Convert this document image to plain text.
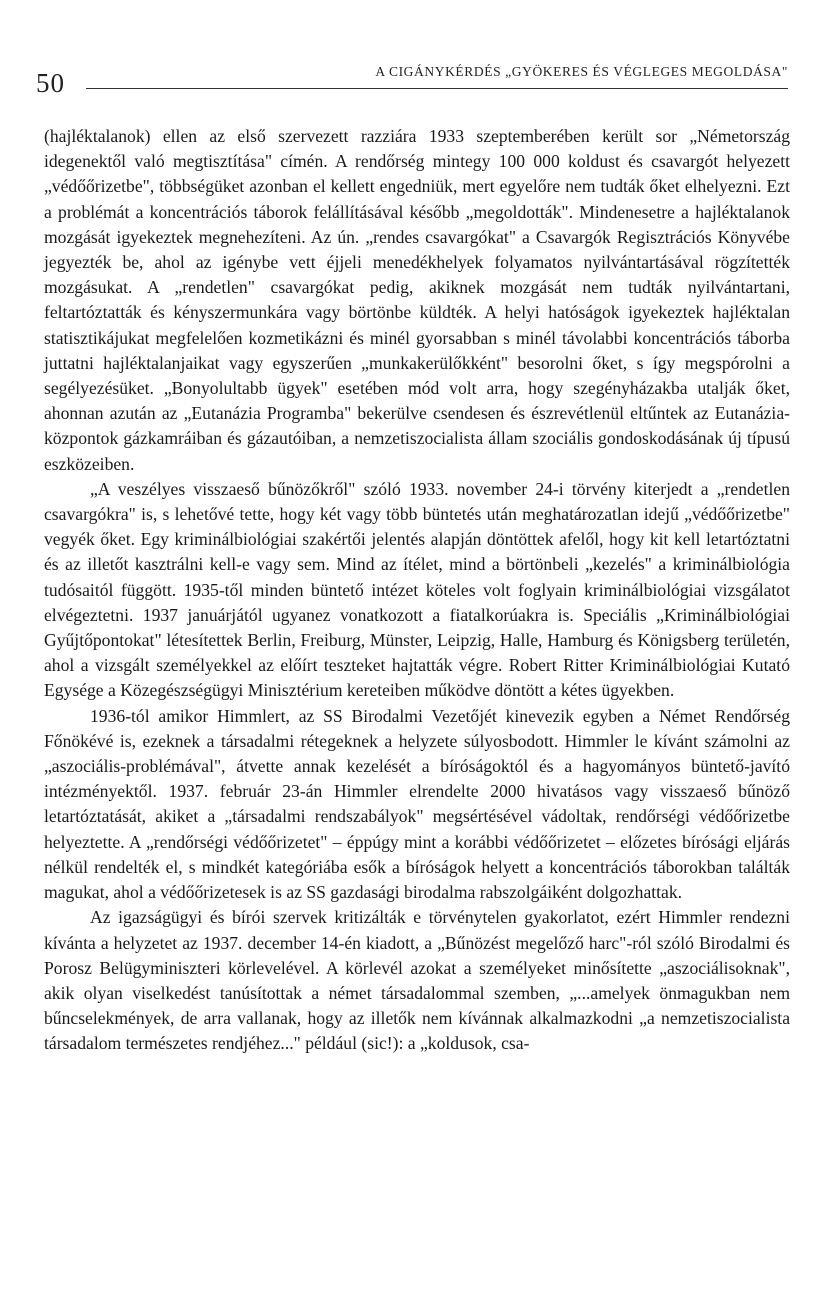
50	A CIGÁNYKÉRDÉS „GYÖKERES ÉS VÉGLEGES MEGOLDÁSA"

(hajléktalanok) ellen az első szervezett razziára 1933 szeptemberében került sor „Németország idegenektől való megtisztítása" címén. A rendőrség mintegy 100 000 koldust és csavargót helyezett „védőőrizetbe", többségüket azonban el kellett engedniük, mert egyelőre nem tudták őket elhelyezni. Ezt a problémát a koncentrációs táborok felállításával később „megoldották". Mindenesetre a hajléktalanok mozgását igyekeztek megnehezíteni. Az ún. „rendes csavargókat" a Csavargók Regisztrációs Könyvébe jegyezték be, ahol az igénybe vett éjjeli menedékhelyek folyamatos nyilvántartásával rögzítették mozgásukat. A „rendetlen" csavargókat pedig, akiknek mozgását nem tudták nyilvántartani, feltartóztatták és kényszermunkára vagy börtönbe küldték. A helyi hatóságok igyekeztek hajléktalan statisztikájukat megfelelően kozmetikázni és minél gyorsabban s minél távolabbi koncentrációs táborba juttatni hajléktalanjaikat vagy egyszerűen „munkakerülőkként" besorolni őket, s így megspórolni a segélyezésüket. „Bonyolultabb ügyek" esetében mód volt arra, hogy szegényházakba utalják őket, ahonnan azután az „Eutanázia Programba" bekerülve csendesen és észrevétlenül eltűntek az Eutanázia-központok gázkamráiban és gázautóiban, a nemzetiszocialista állam szociális gondoskodásának új típusú eszközeiben.

„A veszélyes visszaeső bűnözőkről" szóló 1933. november 24-i törvény kiterjedt a „rendetlen csavargókra" is, s lehetővé tette, hogy két vagy több büntetés után meghatározatlan idejű „védőőrizetbe" vegyék őket. Egy kriminálbiológiai szakértői jelentés alapján döntöttek afelől, hogy kit kell letartóztatni és az illetőt kasztrálni kell-e vagy sem. Mind az ítélet, mind a börtönbeli „kezelés" a kriminálbiológia tudósaitól függött. 1935-től minden büntető intézet köteles volt foglyain kriminálbiológiai vizsgálatot elvégeztetni. 1937 januárjától ugyanez vonatkozott a fiatalkorúakra is. Speciális „Kriminálbiológiai Gyűjtőpontokat" létesítettek Berlin, Freiburg, Münster, Leipzig, Halle, Hamburg és Königsberg területén, ahol a vizsgált személyekkel az előírt teszteket hajtatták végre. Robert Ritter Kriminálbiológiai Kutató Egysége a Közegészségügyi Minisztérium kereteiben működve döntött a kétes ügyekben.

1936-tól amikor Himmlert, az SS Birodalmi Vezetőjét kinevezik egyben a Német Rendőrség Főnökévé is, ezeknek a társadalmi rétegeknek a helyzete súlyosbodott. Himmler le kívánt számolni az „aszociális-problémával", átvette annak kezelését a bíróságoktól és a hagyományos büntető-javító intézményektől. 1937. február 23-án Himmler elrendelte 2000 hivatásos vagy visszaeső bűnöző letartóztatását, akiket a „társadalmi rendszabályok" megsértésével vádoltak, rendőrségi védőőrizetbe helyeztette. A „rendőrségi védőőrizetet" – éppúgy mint a korábbi védőőrizetet – előzetes bírósági eljárás nélkül rendelték el, s mindkét kategóriába esők a bíróságok helyett a koncentrációs táborokban találták magukat, ahol a védőőrizetesek is az SS gazdasági birodalma rabszolgáiként dolgozhattak.

Az igazságügyi és bírói szervek kritizálták e törvénytelen gyakorlatot, ezért Himmler rendezni kívánta a helyzetet az 1937. december 14-én kiadott, a „Bűnözést megelőző harc"-ról szóló Birodalmi és Porosz Belügyminiszteri körlevelével. A körlevél azokat a személyeket minősítette „aszociálisoknak", akik olyan viselkedést tanúsítottak a német társadalommal szemben, „...amelyek önmagukban nem bűncselekmények, de arra vallanak, hogy az illetők nem kívánnak alkalmazkodni „a nemzetiszocialista társadalom természetes rendjéhez..." például (sic!): a „koldusok, csa-
